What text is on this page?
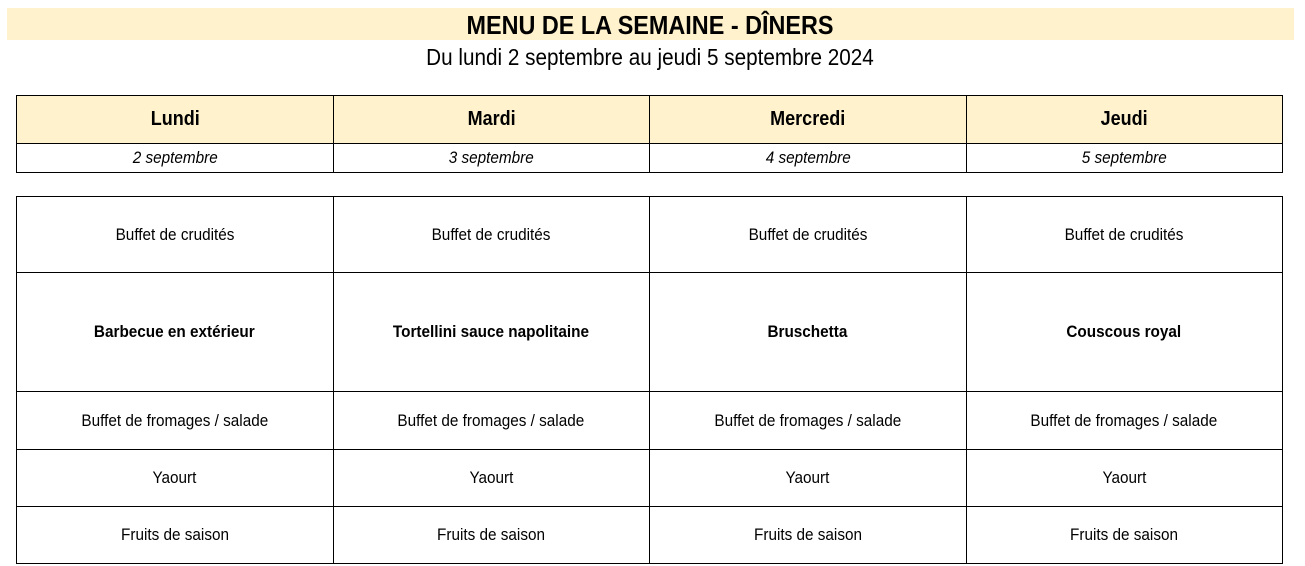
MENU DE LA SEMAINE - DÎNERS
Du lundi 2 septembre au jeudi 5 septembre 2024
Lundi	Mardi	Mercredi	Jeudi
2 septembre	3 septembre	4 septembre	5 septembre
Buffet de crudités	Buffet de crudités	Buffet de crudités	Buffet de crudités
Barbecue en extérieur	Tortellini sauce napolitaine	Bruschetta	Couscous royal
Buffet de fromages / salade	Buffet de fromages / salade	Buffet de fromages / salade	Buffet de fromages / salade
Yaourt	Yaourt	Yaourt	Yaourt
Fruits de saison	Fruits de saison	Fruits de saison	Fruits de saison
